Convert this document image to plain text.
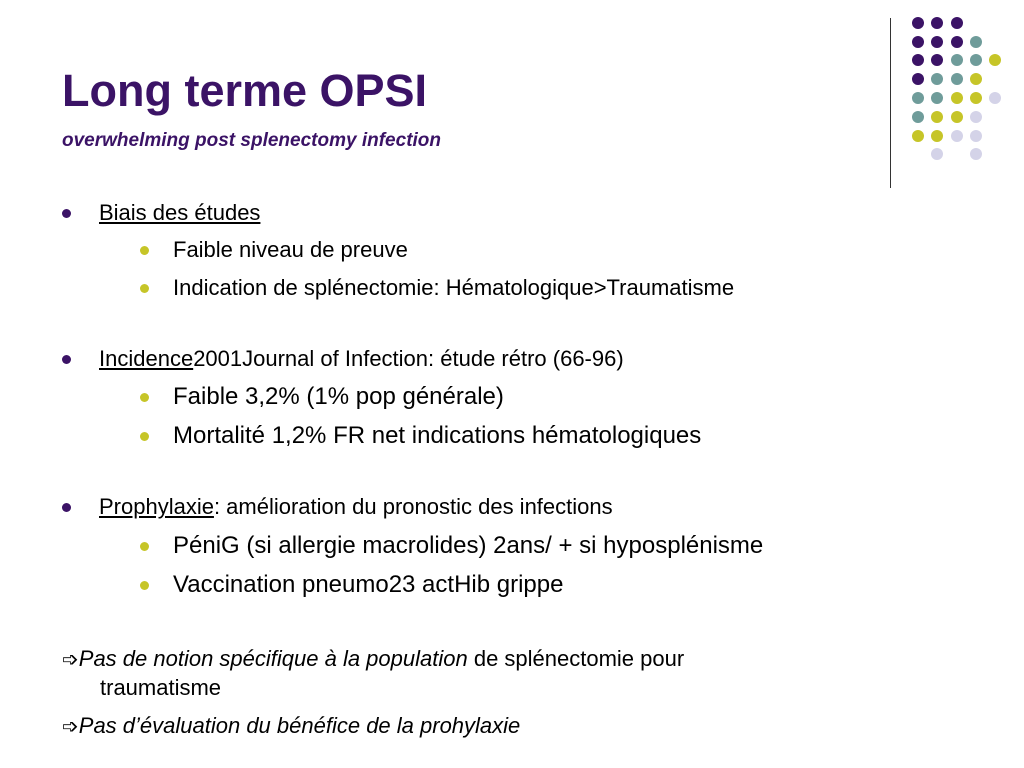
Long terme OPSI
overwhelming post splenectomy infection
Biais des études
Faible niveau de preuve
Indication de splénectomie: Hématologique>Traumatisme
Incidence 2001Journal of Infection: étude rétro (66-96)
Faible 3,2% (1% pop générale)
Mortalité 1,2% FR net indications hématologiques
Prophylaxie : amélioration du pronostic des infections
PéniG (si allergie macrolides) 2ans/ + si hyposplénisme
Vaccination pneumo23 actHib grippe
➩Pas de notion spécifique à la population de splénectomie pour
traumatisme
➩Pas d’évaluation du bénéfice de la prohylaxie
